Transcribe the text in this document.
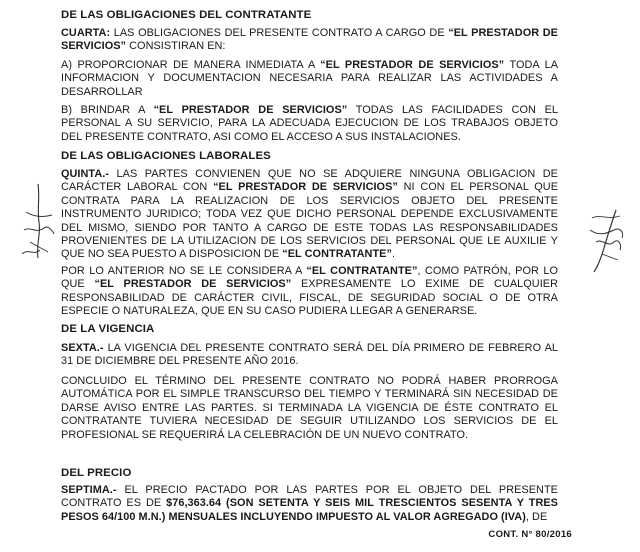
DE LAS OBLIGACIONES DEL CONTRATANTE
CUARTA: LAS OBLIGACIONES DEL PRESENTE CONTRATO A CARGO DE “EL PRESTADOR DE SERVICIOS” CONSISTIRAN EN:
A) PROPORCIONAR DE MANERA INMEDIATA A “EL PRESTADOR DE SERVICIOS” TODA LA INFORMACION Y DOCUMENTACION NECESARIA PARA REALIZAR LAS ACTIVIDADES A DESARROLLAR
B) BRINDAR A “EL PRESTADOR DE SERVICIOS” TODAS LAS FACILIDADES CON EL PERSONAL A SU SERVICIO, PARA LA ADECUADA EJECUCION DE LOS TRABAJOS OBJETO DEL PRESENTE CONTRATO, ASI COMO EL ACCESO A SUS INSTALACIONES.
DE LAS OBLIGACIONES LABORALES
QUINTA.- LAS PARTES CONVIENEN QUE NO SE ADQUIERE NINGUNA OBLIGACION DE CARÁCTER LABORAL CON “EL PRESTADOR DE SERVICIOS” NI CON EL PERSONAL QUE CONTRATA PARA LA REALIZACION DE LOS SERVICIOS OBJETO DEL PRESENTE INSTRUMENTO JURIDICO; TODA VEZ QUE DICHO PERSONAL DEPENDE EXCLUSIVAMENTE DEL MISMO, SIENDO POR TANTO A CARGO DE ESTE TODAS LAS RESPONSABILIDADES PROVENIENTES DE LA UTILIZACION DE LOS SERVICIOS DEL PERSONAL QUE LE AUXILIE Y QUE NO SEA PUESTO A DISPOSICION DE “EL CONTRATANTE”.
POR LO ANTERIOR NO SE LE CONSIDERA A “EL CONTRATANTE”, COMO PATRÓN, POR LO QUE “EL PRESTADOR DE SERVICIOS” EXPRESAMENTE LO EXIME DE CUALQUIER RESPONSABILIDAD DE CARÁCTER CIVIL, FISCAL, DE SEGURIDAD SOCIAL O DE OTRA ESPECIE O NATURALEZA, QUE EN SU CASO PUDIERA LLEGAR A GENERARSE.
DE LA VIGENCIA
SEXTA.- LA VIGENCIA DEL PRESENTE CONTRATO SERÁ DEL DÍA PRIMERO DE FEBRERO AL 31 DE DICIEMBRE DEL PRESENTE AÑO 2016.
CONCLUIDO EL TÉRMINO DEL PRESENTE CONTRATO NO PODRÁ HABER PRORROGA AUTOMÁTICA POR EL SIMPLE TRANSCURSO DEL TIEMPO Y TERMINARÁ SIN NECESIDAD DE DARSE AVISO ENTRE LAS PARTES. SI TERMINADA LA VIGENCIA DE ÉSTE CONTRATO EL CONTRATANTE TUVIERA NECESIDAD DE SEGUIR UTILIZANDO LOS SERVICIOS DE EL PROFESIONAL SE REQUERIRÁ LA CELEBRACIÓN DE UN NUEVO CONTRATO.
DEL PRECIO
SEPTIMA.- EL PRECIO PACTADO POR LAS PARTES POR EL OBJETO DEL PRESENTE CONTRATO ES DE $76,363.64 (SON SETENTA Y SEIS MIL TRESCIENTOS SESENTA Y TRES PESOS 64/100 M.N.) MENSUALES INCLUYENDO IMPUESTO AL VALOR AGREGADO (IVA), DE
CONT. N° 80/2016
